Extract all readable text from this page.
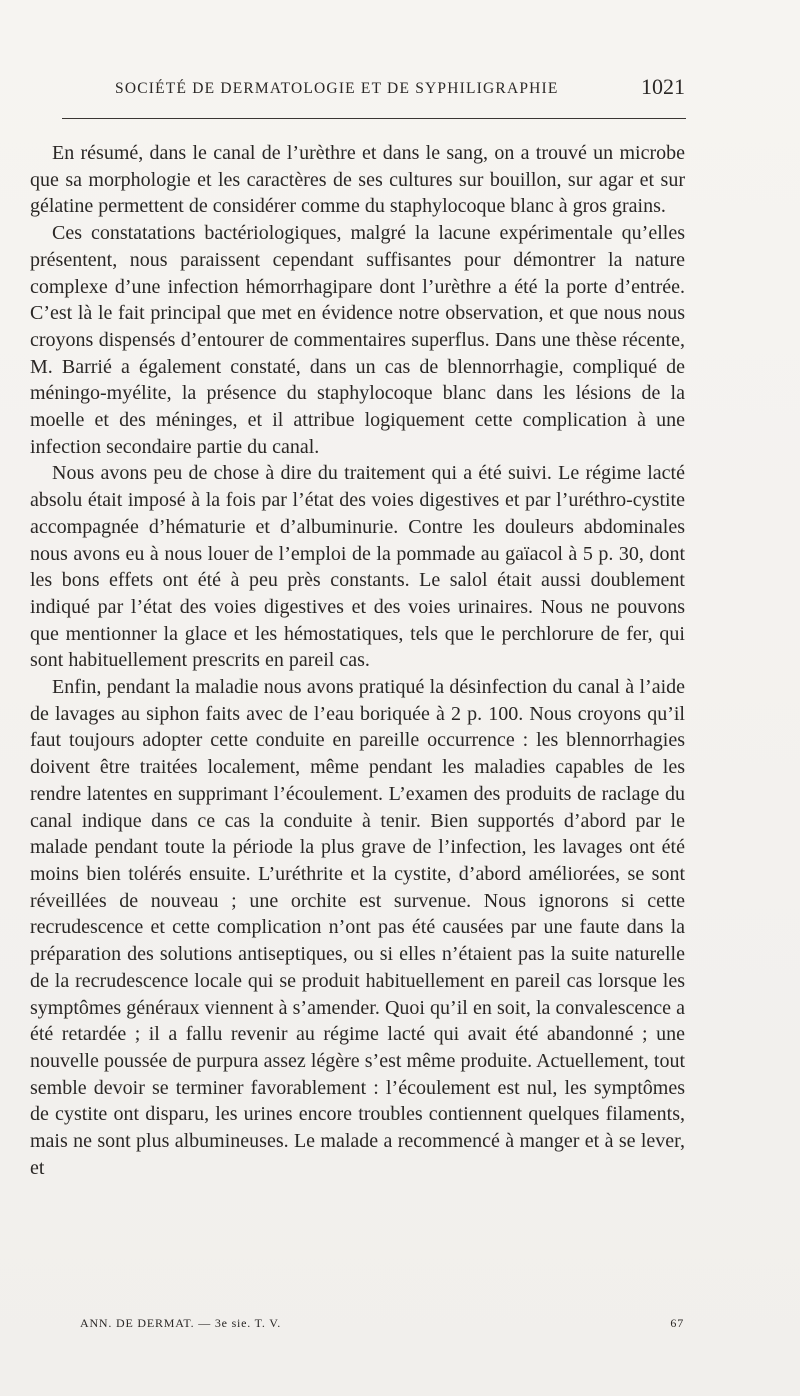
SOCIÉTÉ DE DERMATOLOGIE ET DE SYPHILIGRAPHIE	1021

En résumé, dans le canal de l’urèthre et dans le sang, on a trouvé un microbe que sa morphologie et les caractères de ses cultures sur bouillon, sur agar et sur gélatine permettent de considérer comme du staphylocoque blanc à gros grains.

Ces constatations bactériologiques, malgré la lacune expérimentale qu’elles présentent, nous paraissent cependant suffisantes pour démontrer la nature complexe d’une infection hémorrhagipare dont l’urèthre a été la porte d’entrée. C’est là le fait principal que met en évidence notre observation, et que nous nous croyons dispensés d’entourer de commentaires superflus. Dans une thèse récente, M. Barrié a également constaté, dans un cas de blennorrhagie, compliqué de méningo-myélite, la présence du staphylocoque blanc dans les lésions de la moelle et des méninges, et il attribue logiquement cette complication à une infection secondaire partie du canal.

Nous avons peu de chose à dire du traitement qui a été suivi. Le régime lacté absolu était imposé à la fois par l’état des voies digestives et par l’uréthro-cystite accompagnée d’hématurie et d’albuminurie. Contre les douleurs abdominales nous avons eu à nous louer de l’emploi de la pommade au gaïacol à 5 p. 30, dont les bons effets ont été à peu près constants. Le salol était aussi doublement indiqué par l’état des voies digestives et des voies urinaires. Nous ne pouvons que mentionner la glace et les hémostatiques, tels que le perchlorure de fer, qui sont habituellement prescrits en pareil cas.

Enfin, pendant la maladie nous avons pratiqué la désinfection du canal à l’aide de lavages au siphon faits avec de l’eau boriquée à 2 p. 100. Nous croyons qu’il faut toujours adopter cette conduite en pareille occurrence : les blennorrhagies doivent être traitées localement, même pendant les maladies capables de les rendre latentes en supprimant l’écoulement. L’examen des produits de raclage du canal indique dans ce cas la conduite à tenir. Bien supportés d’abord par le malade pendant toute la période la plus grave de l’infection, les lavages ont été moins bien tolérés ensuite. L’uréthrite et la cystite, d’abord améliorées, se sont réveillées de nouveau ; une orchite est survenue. Nous ignorons si cette recrudescence et cette complication n’ont pas été causées par une faute dans la préparation des solutions antiseptiques, ou si elles n’étaient pas la suite naturelle de la recrudescence locale qui se produit habituellement en pareil cas lorsque les symptômes généraux viennent à s’amender. Quoi qu’il en soit, la convalescence a été retardée ; il a fallu revenir au régime lacté qui avait été abandonné ; une nouvelle poussée de purpura assez légère s’est même produite. Actuellement, tout semble devoir se terminer favorablement : l’écoulement est nul, les symptômes de cystite ont disparu, les urines encore troubles contiennent quelques filaments, mais ne sont plus albumineuses. Le malade a recommencé à manger et à se lever, et

ANN. DE DERMAT. — 3e sie. T. V.	67
